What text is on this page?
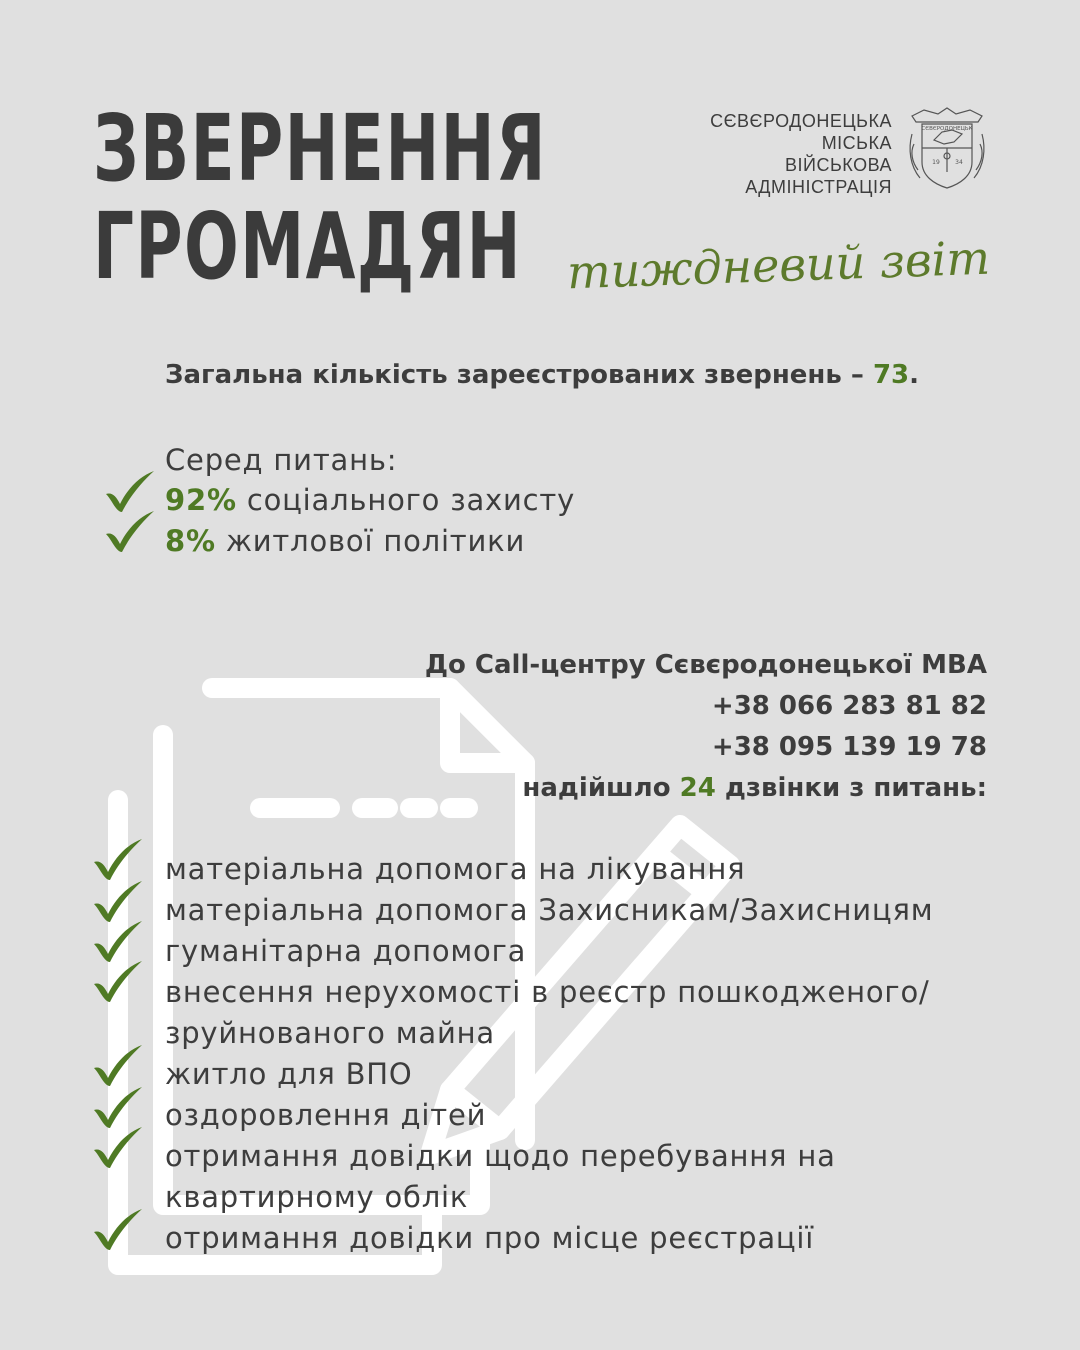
ЗВЕРНЕННЯ
ГРОМАДЯН
СЄВЄРОДОНЕЦЬКА
МІСЬКА
ВІЙСЬКОВА
АДМІНІСТРАЦІЯ
СЄВЄРОДОНЕЦЬК
19	34
тиждневий звіт
Загальна кількість зареєстрованих звернень – 73.
Серед питань:
92% соціального захисту
8% житлової політики
До Call-центру Сєвєродонецької МВА
+38 066 283 81 82
+38 095 139 19 78
надійшло 24 дзвінки з питань:
матеріальна допомога на лікування
матеріальна допомога Захисникам/Захисницям
гуманітарна допомога
внесення нерухомості в реєстр пошкодженого/
зруйнованого майна
житло для ВПО
оздоровлення дітей
отримання довідки щодо перебування на
квартирному облік
отримання довідки про місце реєстрації
